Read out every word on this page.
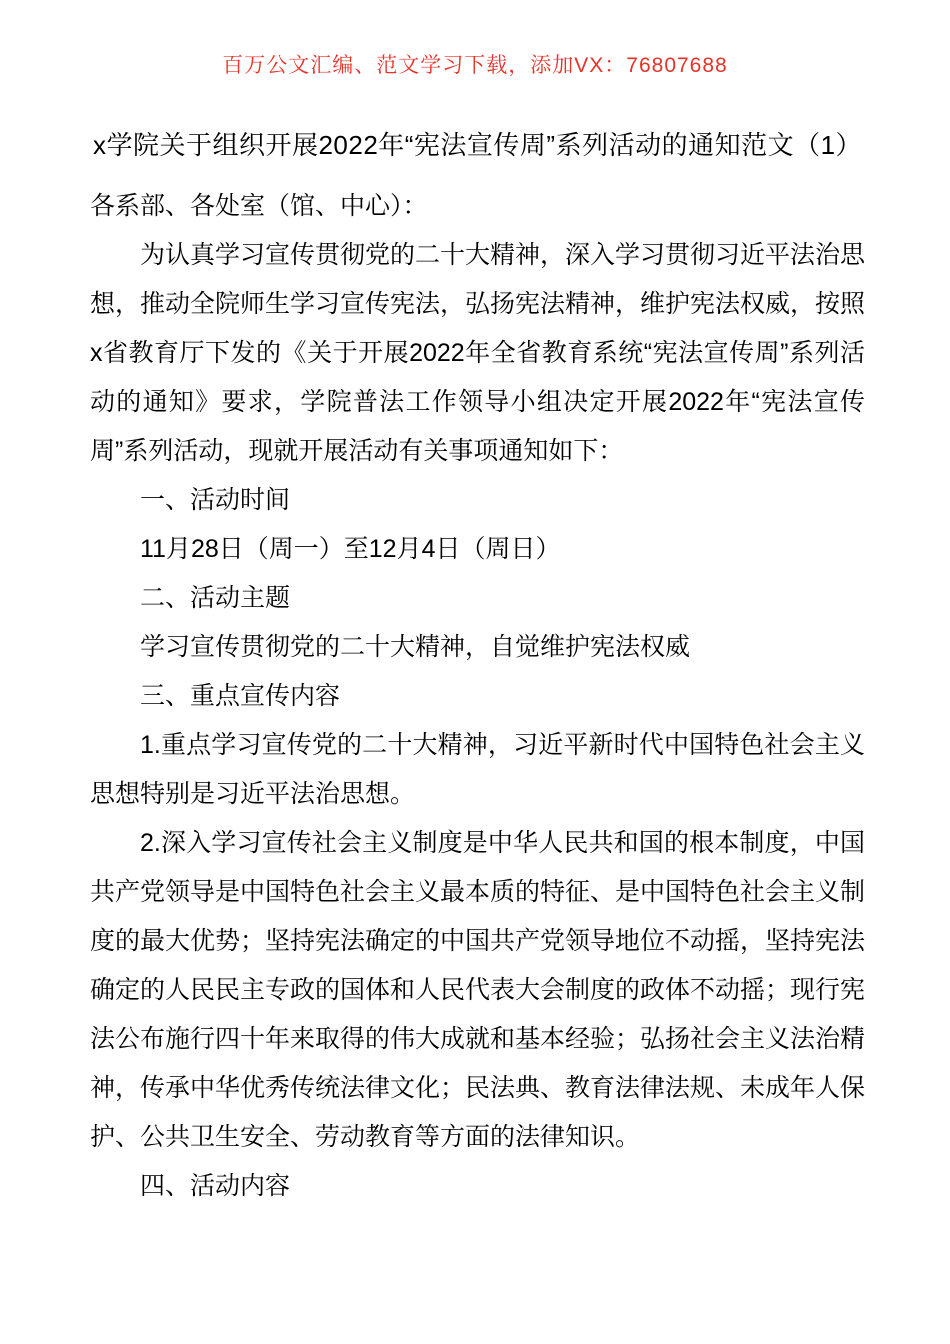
百万公文汇编、范文学习下载，添加VX：76807688
x学院关于组织开展2022年“宪法宣传周”系列活动的通知范文（1）

各系部、各处室（馆、中心）：

为认真学习宣传贯彻党的二十大精神，深入学习贯彻习近平法治思想，推动全院师生学习宣传宪法，弘扬宪法精神，维护宪法权威，按照x省教育厅下发的《关于开展2022年全省教育系统“宪法宣传周”系列活动的通知》要求，学院普法工作领导小组决定开展2022年“宪法宣传周”系列活动，现就开展活动有关事项通知如下：

一、活动时间

11月28日（周一）至12月4日（周日）

二、活动主题

学习宣传贯彻党的二十大精神，自觉维护宪法权威

三、重点宣传内容

1.重点学习宣传党的二十大精神，习近平新时代中国特色社会主义思想特别是习近平法治思想。

2.深入学习宣传社会主义制度是中华人民共和国的根本制度，中国共产党领导是中国特色社会主义最本质的特征、是中国特色社会主义制度的最大优势；坚持宪法确定的中国共产党领导地位不动摇，坚持宪法确定的人民民主专政的国体和人民代表大会制度的政体不动摇；现行宪法公布施行四十年来取得的伟大成就和基本经验；弘扬社会主义法治精神，传承中华优秀传统法律文化；民法典、教育法律法规、未成年人保护、公共卫生安全、劳动教育等方面的法律知识。

四、活动内容
